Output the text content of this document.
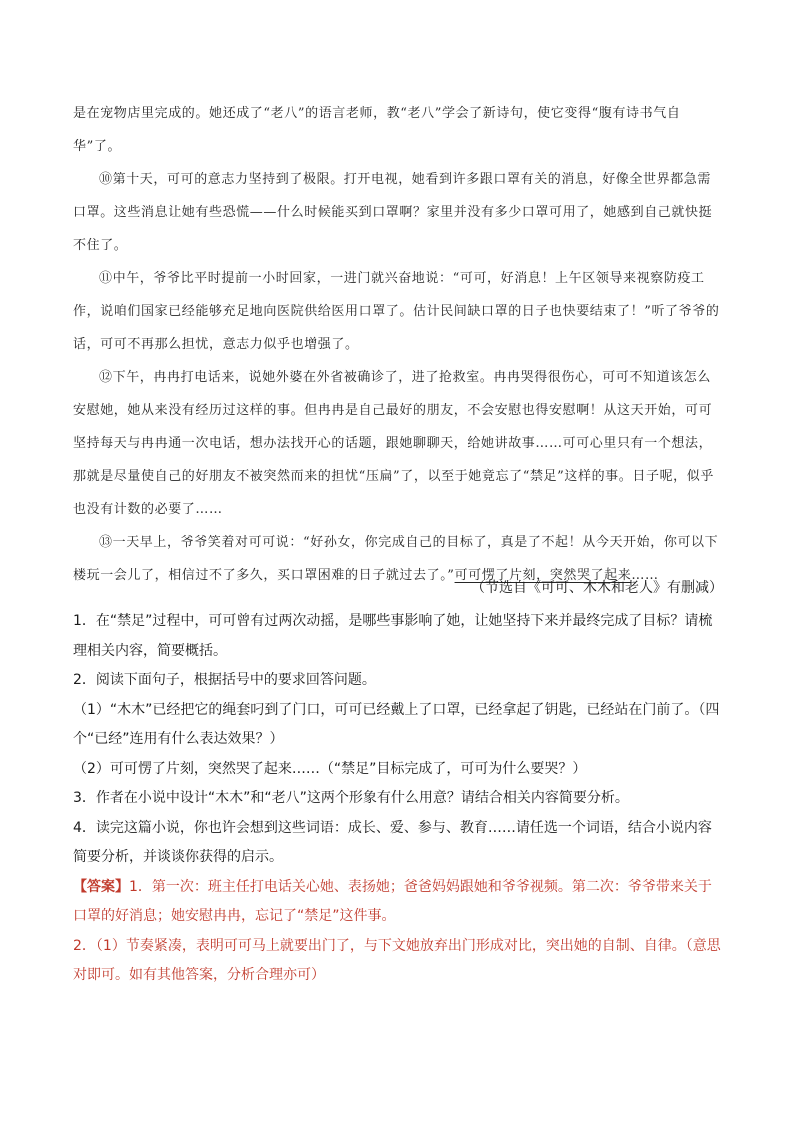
是在宠物店里完成的。她还成了“老八”的语言老师，教“老八”学会了新诗句，使它变得“腹有诗书气自华”了。

⑩第十天，可可的意志力坚持到了极限。打开电视，她看到许多跟口罩有关的消息，好像全世界都急需口罩。这些消息让她有些恐慌——什么时候能买到口罩啊？家里并没有多少口罩可用了，她感到自己就快挺不住了。

⑪中午，爷爷比平时提前一小时回家，一进门就兴奋地说：“可可，好消息！上午区领导来视察防疫工作，说咱们国家已经能够充足地向医院供给医用口罩了。估计民间缺口罩的日子也快要结束了！”听了爷爷的话，可可不再那么担忧，意志力似乎也增强了。

⑫下午，冉冉打电话来，说她外婆在外省被确诊了，进了抢救室。冉冉哭得很伤心，可可不知道该怎么安慰她，她从来没有经历过这样的事。但冉冉是自己最好的朋友，不会安慰也得安慰啊！从这天开始，可可坚持每天与冉冉通一次电话，想办法找开心的话题，跟她聊聊天，给她讲故事……可可心里只有一个想法，那就是尽量使自己的好朋友不被突然而来的担忧“压扁”了，以至于她竟忘了“禁足”这样的事。日子呢，似乎也没有计数的必要了……

⑬一天早上，爷爷笑着对可可说：“好孙女，你完成自己的目标了，真是了不起！从今天开始，你可以下楼玩一会儿了，相信过不了多久，买口罩困难的日子就过去了。”可可愣了片刻，突然哭了起来……

（节选自《可可、木木和老人》有删减）

1．在“禁足”过程中，可可曾有过两次动摇，是哪些事影响了她，让她坚持下来并最终完成了目标？请梳理相关内容，简要概括。

2．阅读下面句子，根据括号中的要求回答问题。

（1）“木木”已经把它的绳套叼到了门口，可可已经戴上了口罩，已经拿起了钥匙，已经站在门前了。（四个“已经”连用有什么表达效果？）

（2）可可愣了片刻，突然哭了起来……（“禁足”目标完成了，可可为什么要哭？）

3．作者在小说中设计“木木”和“老八”这两个形象有什么用意？请结合相关内容简要分析。

4．读完这篇小说，你也许会想到这些词语：成长、爱、参与、教育……请任选一个词语，结合小说内容简要分析，并谈谈你获得的启示。

【答案】1．第一次：班主任打电话关心她、表扬她；爸爸妈妈跟她和爷爷视频。第二次：爷爷带来关于口罩的好消息；她安慰冉冉，忘记了“禁足”这件事。

2．（1）节奏紧凑，表明可可马上就要出门了，与下文她放弃出门形成对比，突出她的自制、自律。（意思对即可。如有其他答案，分析合理亦可）
